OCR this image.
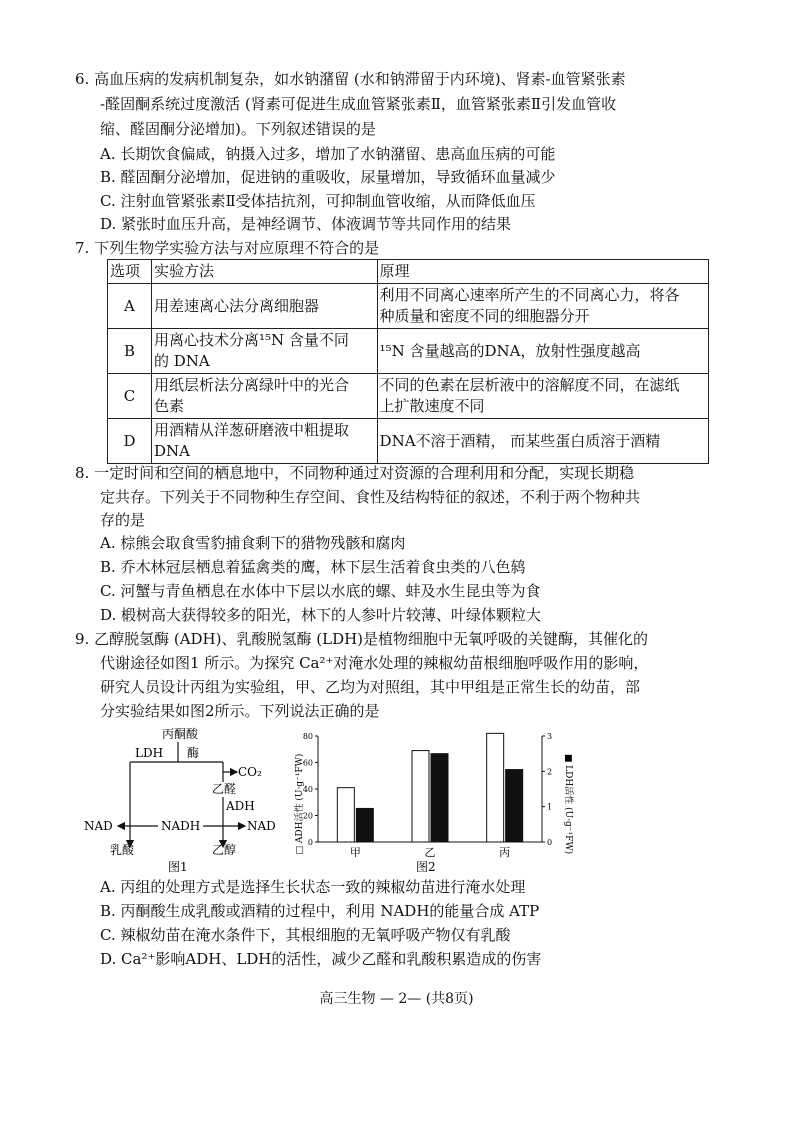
6. 高血压病的发病机制复杂，如水钠潴留 (水和钠滞留于内环境)、肾素-血管紧张素
-醛固酮系统过度激活 (肾素可促进生成血管紧张素Ⅱ，血管紧张素Ⅱ引发血管收
缩、醛固酮分泌增加)。下列叙述错误的是
A. 长期饮食偏咸，钠摄入过多，增加了水钠潴留、患高血压病的可能
B. 醛固酮分泌增加，促进钠的重吸收，尿量增加，导致循环血量减少
C. 注射血管紧张素Ⅱ受体拮抗剂，可抑制血管收缩，从而降低血压
D. 紧张时血压升高，是神经调节、体液调节等共同作用的结果
7. 下列生物学实验方法与对应原理不符合的是
选项	实验方法	原理
A	用差速离心法分离细胞器	利用不同离心速率所产生的不同离心力，将各
种质量和密度不同的细胞器分开
B	用离心技术分离¹⁵N 含量不同
的 DNA	¹⁵N 含量越高的DNA，放射性强度越高
C	用纸层析法分离绿叶中的光合
色素	不同的色素在层析液中的溶解度不同，在滤纸
上扩散速度不同
D	用酒精从洋葱研磨液中粗提取
DNA	DNA不溶于酒精， 而某些蛋白质溶于酒精
8. 一定时间和空间的栖息地中，不同物种通过对资源的合理利用和分配，实现长期稳
定共存。下列关于不同物种生存空间、食性及结构特征的叙述，不利于两个物种共
存的是
A. 棕熊会取食雪豹捕食剩下的猎物残骸和腐肉
B. 乔木林冠层栖息着猛禽类的鹰，林下层生活着食虫类的八色鸫
C. 河蟹与青鱼栖息在水体中下层以水底的螺、蚌及水生昆虫等为食
D. 椴树高大获得较多的阳光，林下的人参叶片较薄、叶绿体颗粒大
9. 乙醇脱氢酶 (ADH)、乳酸脱氢酶 (LDH)是植物细胞中无氧呼吸的关键酶，其催化的
代谢途径如图1 所示。为探究 Ca²⁺对淹水处理的辣椒幼苗根细胞呼吸作用的影响，
研究人员设计丙组为实验组，甲、乙均为对照组，其中甲组是正常生长的幼苗，部
分实验结果如图2所示。下列说法正确的是
丙酮酸
LDH 酶
CO₂
乙醛
ADH
NAD	NADH	NAD
乳酸	乙醇
图1
0
20
40
60
80
0
1
2
3
甲	乙	丙
□ ADH活性 (U·g⁻¹FW)	■ LDH活性 (U·g⁻¹FW)
图2
A. 丙组的处理方式是选择生长状态一致的辣椒幼苗进行淹水处理
B. 丙酮酸生成乳酸或酒精的过程中，利用 NADH的能量合成 ATP
C. 辣椒幼苗在淹水条件下，其根细胞的无氧呼吸产物仅有乳酸
D. Ca²⁺影响ADH、LDH的活性，减少乙醛和乳酸积累造成的伤害
高三生物 — 2— (共8页)
